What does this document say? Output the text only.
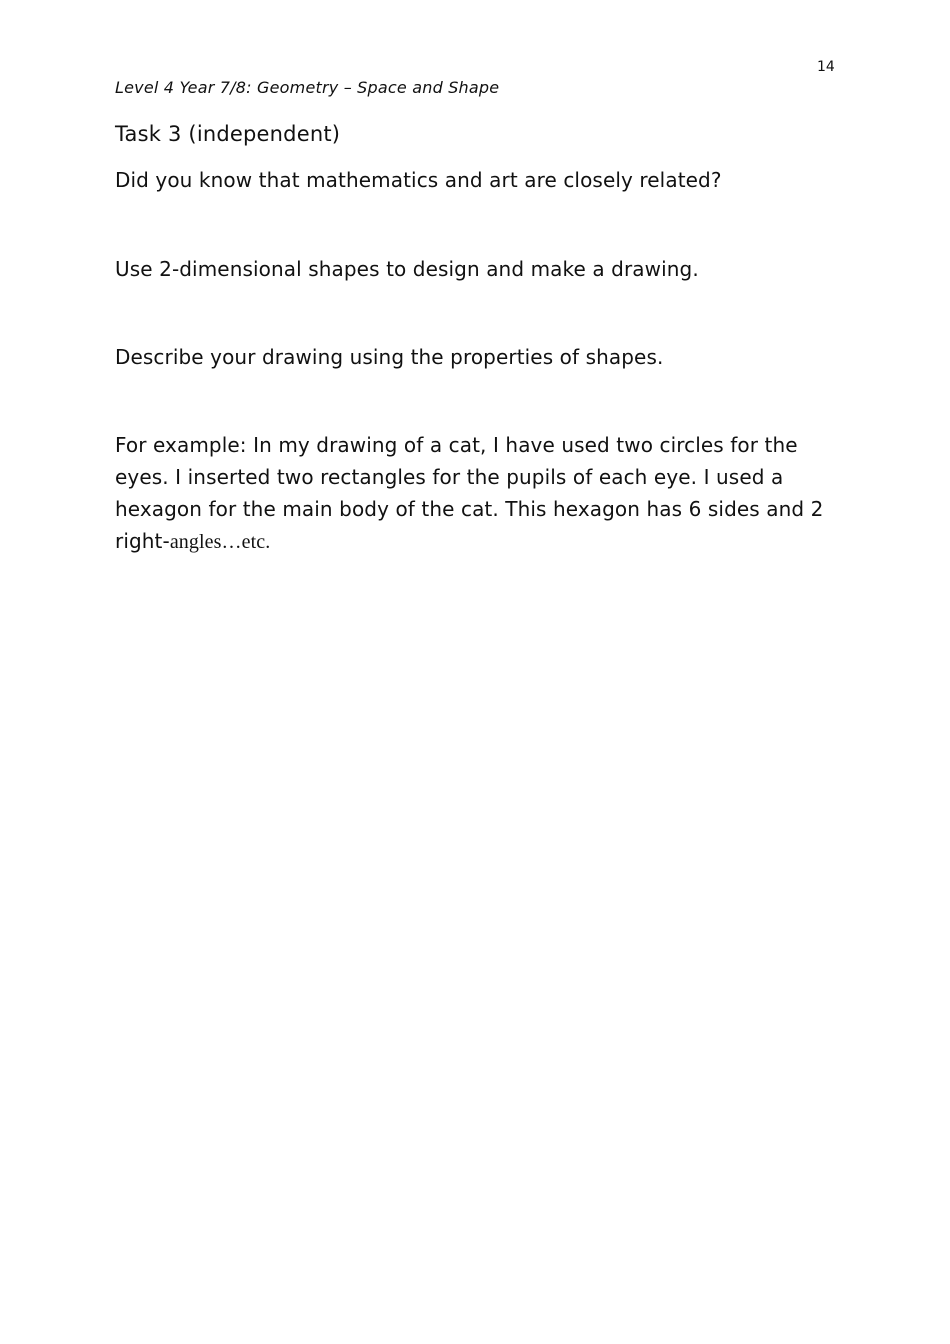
14
Level 4 Year 7/8: Geometry – Space and Shape
Task 3 (independent)
Did you know that mathematics and art are closely related?
Use 2-dimensional shapes to design and make a drawing.
Describe your drawing using the properties of shapes.
For example: In my drawing of a cat, I have used two circles for the eyes. I inserted two rectangles for the pupils of each eye. I used a hexagon for the main body of the cat. This hexagon has 6 sides and 2 right-angles…etc.
